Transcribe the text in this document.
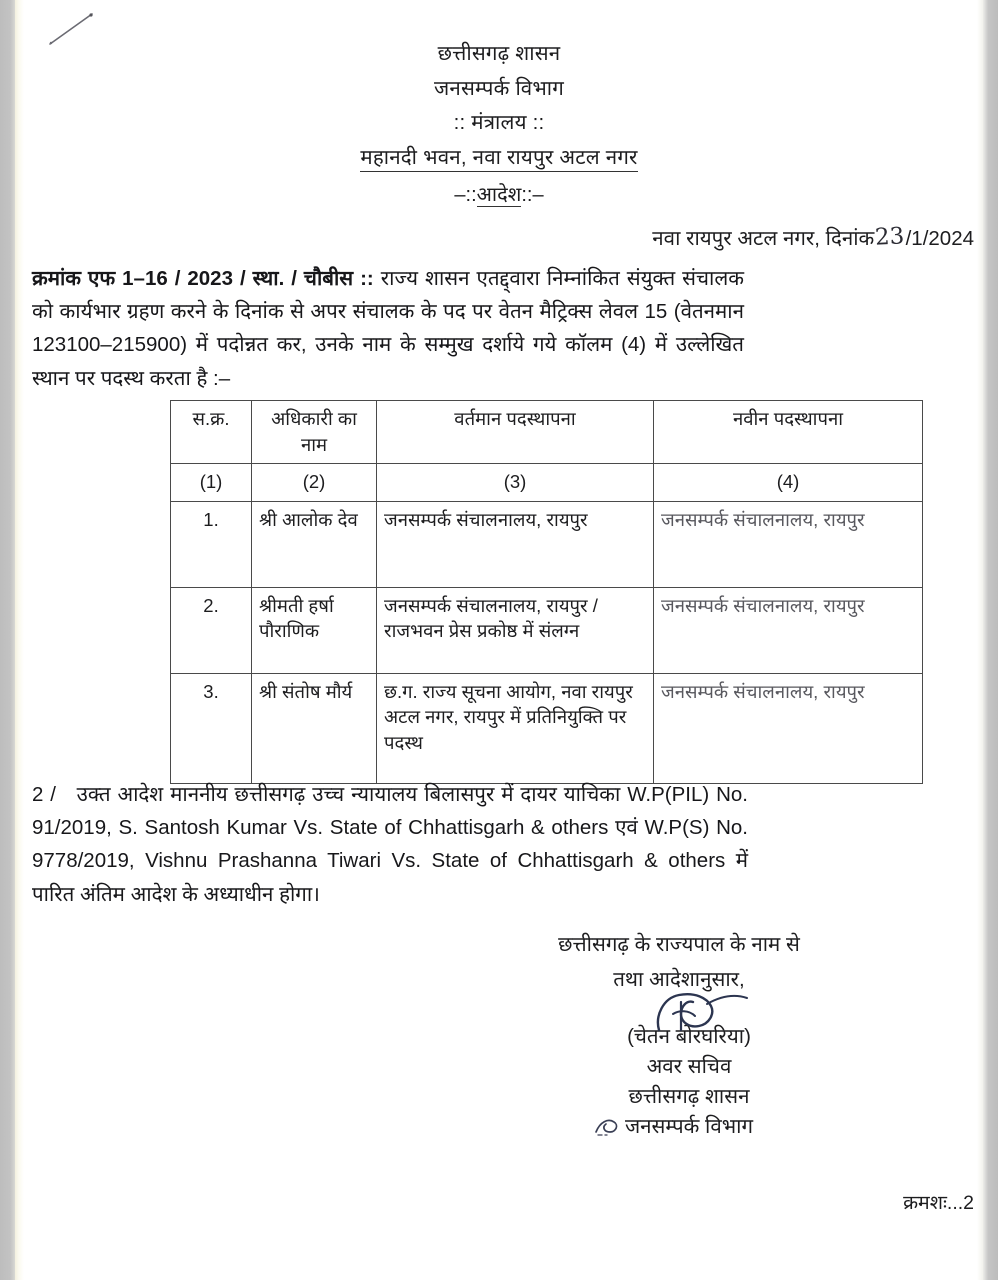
छत्तीसगढ़ शासन
जनसम्पर्क विभाग
:: मंत्रालय ::
महानदी भवन, नवा रायपुर अटल नगर
–::आदेश::–
नवा रायपुर अटल नगर, दिनांक23/1/2024
क्रमांक एफ 1–16 / 2023 / स्था. / चौबीस :: राज्य शासन एतद्द्वारा निम्नांकित संयुक्त संचालक को कार्यभार ग्रहण करने के दिनांक से अपर संचालक के पद पर वेतन मैट्रिक्स लेवल 15 (वेतनमान 123100–215900) में पदोन्नत कर, उनके नाम के सम्मुख दर्शाये गये कॉलम (4) में उल्लेखित स्थान पर पदस्थ करता है :–
स.क्र.	अधिकारी का नाम	वर्तमान पदस्थापना	नवीन पदस्थापना
(1)	(2)	(3)	(4)
1.	श्री आलोक देव	जनसम्पर्क संचालनालय, रायपुर	जनसम्पर्क संचालनालय, रायपुर
2.	श्रीमती हर्षा पौराणिक	जनसम्पर्क संचालनालय, रायपुर / राजभवन प्रेस प्रकोष्ठ में संलग्न	जनसम्पर्क संचालनालय, रायपुर
3.	श्री संतोष मौर्य	छ.ग. राज्य सूचना आयोग, नवा रायपुर अटल नगर, रायपुर में प्रतिनियुक्ति पर पदस्थ	जनसम्पर्क संचालनालय, रायपुर
2 / उक्त आदेश माननीय छत्तीसगढ़ उच्च न्यायालय बिलासपुर में दायर याचिका W.P(PIL) No. 91/2019, S. Santosh Kumar Vs. State of Chhattisgarh & others एवं W.P(S) No. 9778/2019, Vishnu Prashanna Tiwari Vs. State of Chhattisgarh & others में पारित अंतिम आदेश के अध्याधीन होगा।
छत्तीसगढ़ के राज्यपाल के नाम से
तथा आदेशानुसार,
(चेतन बोरघरिया)
अवर सचिव
छत्तीसगढ़ शासन
जनसम्पर्क विभाग
क्रमशः...2
